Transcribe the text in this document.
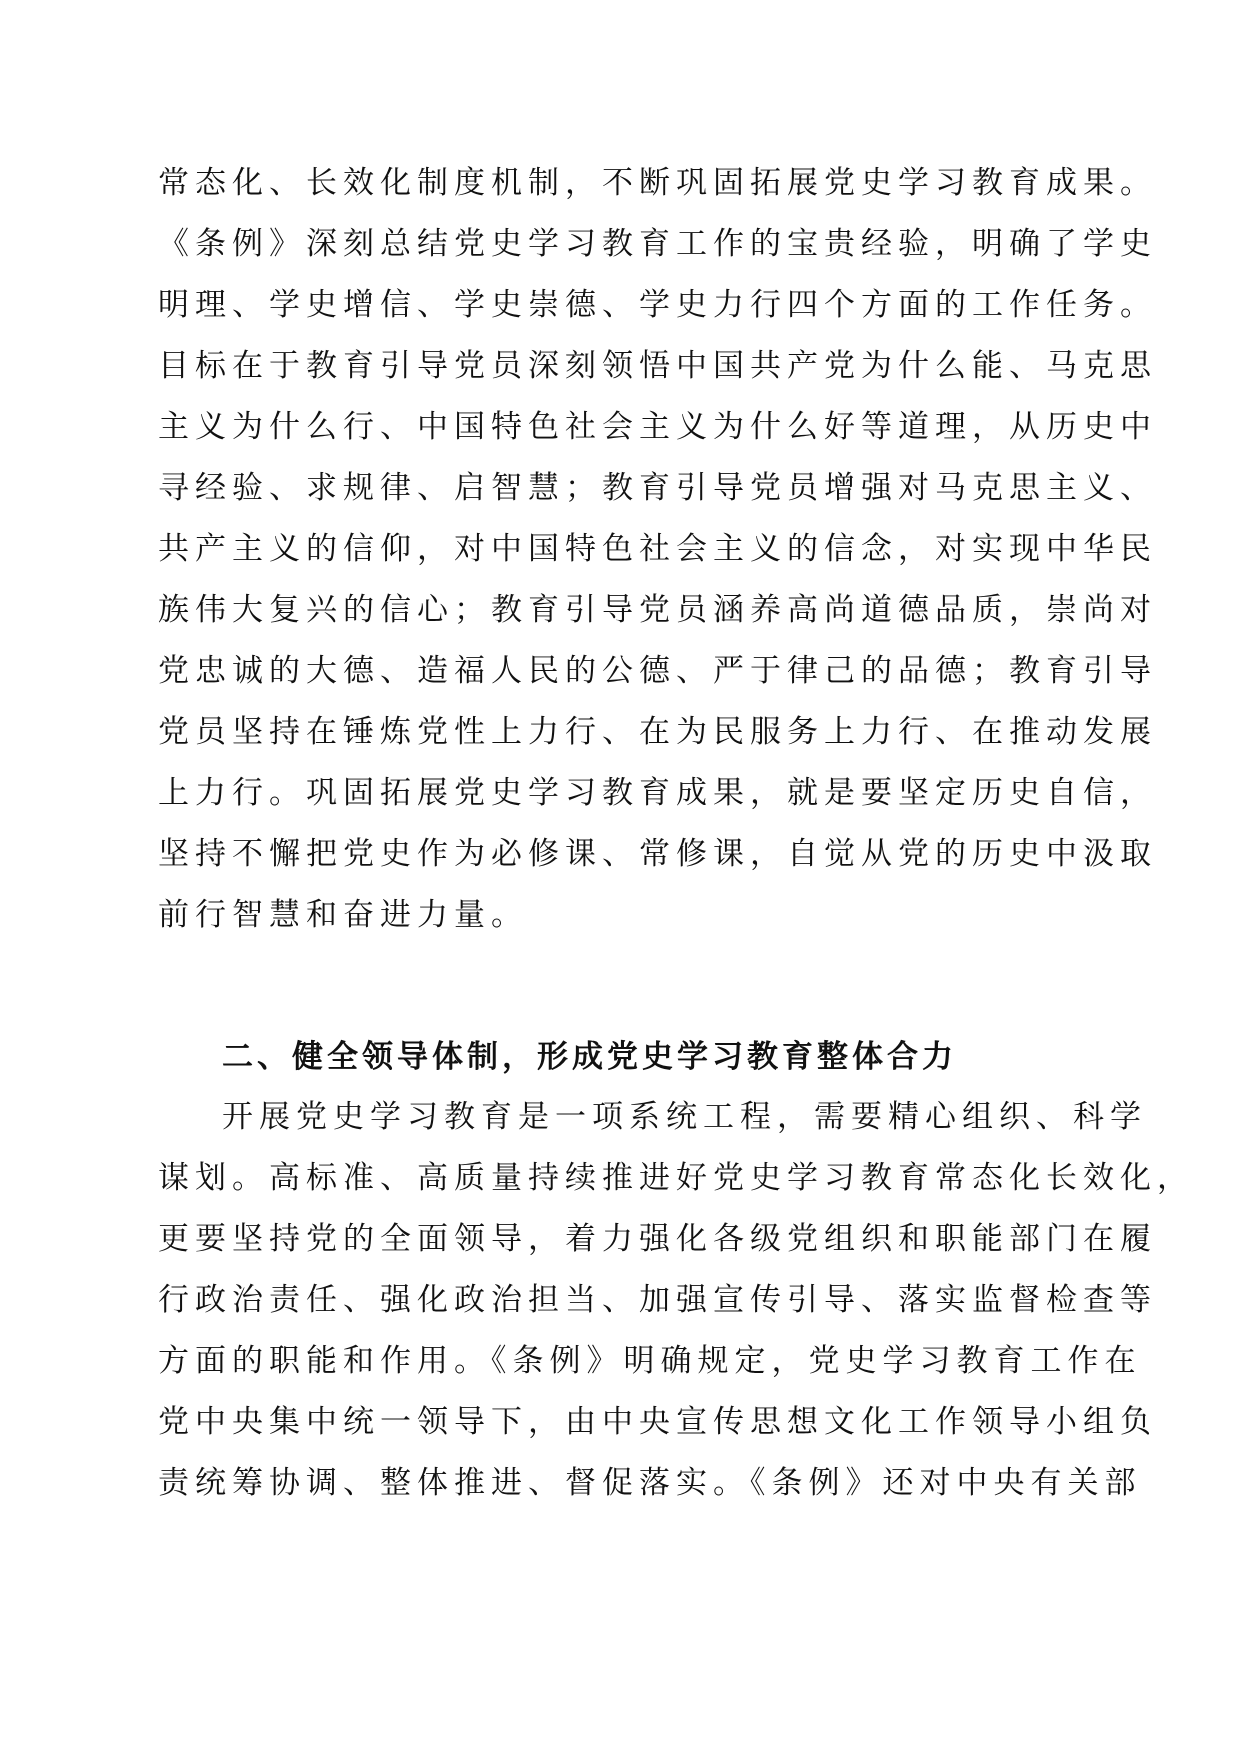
常态化、长效化制度机制，不断巩固拓展党史学习教育成果。
《条例》深刻总结党史学习教育工作的宝贵经验，明确了学史
明理、学史增信、学史崇德、学史力行四个方面的工作任务。
目标在于教育引导党员深刻领悟中国共产党为什么能、马克思
主义为什么行、中国特色社会主义为什么好等道理，从历史中
寻经验、求规律、启智慧；教育引导党员增强对马克思主义、
共产主义的信仰，对中国特色社会主义的信念，对实现中华民
族伟大复兴的信心；教育引导党员涵养高尚道德品质，崇尚对
党忠诚的大德、造福人民的公德、严于律己的品德；教育引导
党员坚持在锤炼党性上力行、在为民服务上力行、在推动发展
上力行。巩固拓展党史学习教育成果，就是要坚定历史自信，
坚持不懈把党史作为必修课、常修课，自觉从党的历史中汲取
前行智慧和奋进力量。
二、健全领导体制，形成党史学习教育整体合力
开展党史学习教育是一项系统工程，需要精心组织、科学
谋划。高标准、高质量持续推进好党史学习教育常态化长效化，
更要坚持党的全面领导，着力强化各级党组织和职能部门在履
行政治责任、强化政治担当、加强宣传引导、落实监督检查等
方面的职能和作用。《条例》明确规定，党史学习教育工作在
党中央集中统一领导下，由中央宣传思想文化工作领导小组负
责统筹协调、整体推进、督促落实。《条例》还对中央有关部
